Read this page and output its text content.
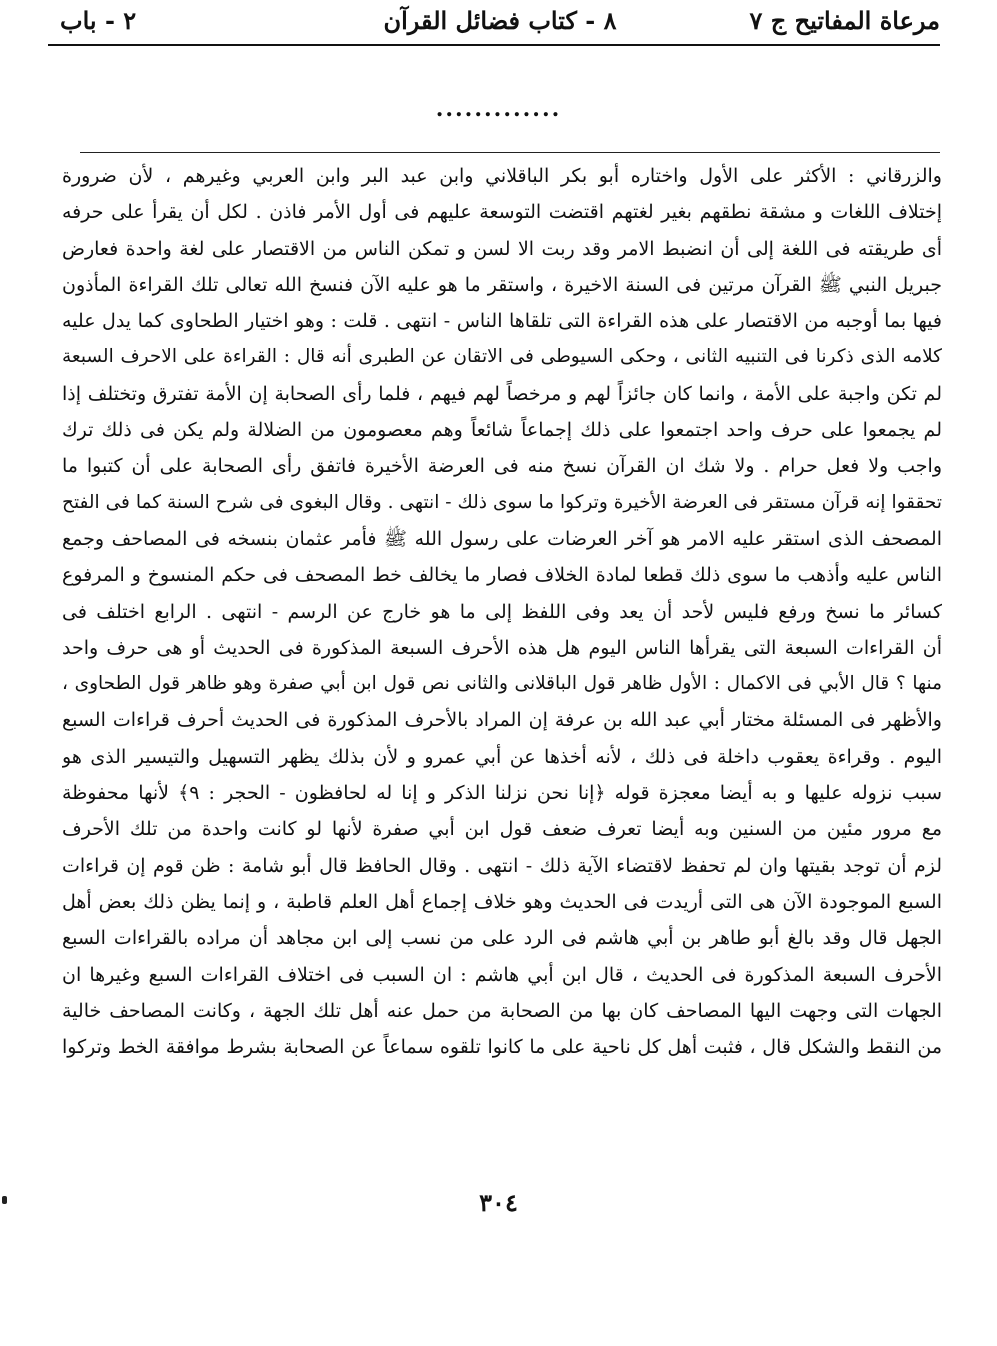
مرعاة المفاتيح ج ٧
٨ - كتاب فضائل القرآن
٢ - باب
.............
والزرقاني : الأكثر على الأول واختاره أبو بكر الباقلاني وابن عبد البر وابن العربي وغيرهم ، لأن ضرورة
إختلاف اللغات و مشقة نطقهم بغير لغتهم اقتضت التوسعة عليهم فى أول الأمر فاذن . لكل أن يقرأ على حرفه
أى طريقته فى اللغة إلى أن انضبط الامر وقد ربت الا لسن و تمكن الناس من الاقتصار على لغة واحدة فعارض
جبريل النبي ﷺ القرآن مرتين فى السنة الاخيرة ، واستقر ما هو عليه الآن فنسخ الله تعالى تلك القراءة المأذون
فيها بما أوجبه من الاقتصار على هذه القراءة التى تلقاها الناس - انتهى . قلت : وهو اختيار الطحاوى كما يدل عليه
كلامه الذى ذكرنا فى التنبيه الثانى ، وحكى السيوطى فى الاتقان عن الطبرى أنه قال : القراءة على الاحرف السبعة
لم تكن واجبة على الأمة ، وانما كان جائزاً لهم و مرخصاً لهم فيهم ، فلما رأى الصحابة إن الأمة تفترق وتختلف إذا
لم يجمعوا على حرف واحد اجتمعوا على ذلك إجماعاً شائعاً وهم معصومون من الضلالة ولم يكن فى ذلك ترك
واجب ولا فعل حرام . ولا شك ان القرآن نسخ منه فى العرضة الأخيرة فاتفق رأى الصحابة على أن كتبوا ما
تحققوا إنه قرآن مستقر فى العرضة الأخيرة وتركوا ما سوى ذلك - انتهى . وقال البغوى فى شرح السنة كما فى الفتح
المصحف الذى استقر عليه الامر هو آخر العرضات على رسول الله ﷺ فأمر عثمان بنسخه فى المصاحف وجمع
الناس عليه وأذهب ما سوى ذلك قطعا لمادة الخلاف فصار ما يخالف خط المصحف فى حكم المنسوخ و المرفوع
كسائر ما نسخ ورفع فليس لأحد أن يعد وفى اللفظ إلى ما هو خارج عن الرسم - انتهى . الرابع اختلف فى
أن القراءات السبعة التى يقرأها الناس اليوم هل هذه الأحرف السبعة المذكورة فى الحديث أو هى حرف واحد
منها ؟ قال الأبي فى الاكمال : الأول ظاهر قول الباقلانى والثانى نص قول ابن أبي صفرة وهو ظاهر قول الطحاوى ،
والأظهر فى المسئلة مختار أبي عبد الله بن عرفة إن المراد بالأحرف المذكورة فى الحديث أحرف قراءات السبع
اليوم . وقراءة يعقوب داخلة فى ذلك ، لأنه أخذها عن أبي عمرو و لأن بذلك يظهر التسهيل والتيسير الذى هو
سبب نزوله عليها و به أيضا معجزة قوله ﴿إنا نحن نزلنا الذكر و إنا له لحافظون - الحجر : ٩﴾ لأنها محفوظة
مع مرور مئين من السنين وبه أيضا تعرف ضعف قول ابن أبي صفرة لأنها لو كانت واحدة من تلك الأحرف
لزم أن توجد بقيتها وان لم تحفظ لاقتضاء الآية ذلك - انتهى . وقال الحافظ قال أبو شامة : ظن قوم إن قراءات
السبع الموجودة الآن هى التى أريدت فى الحديث وهو خلاف إجماع أهل العلم قاطبة ، و إنما يظن ذلك بعض أهل
الجهل قال وقد بالغ أبو طاهر بن أبي هاشم فى الرد على من نسب إلى ابن مجاهد أن مراده بالقراءات السبع
الأحرف السبعة المذكورة فى الحديث ، قال ابن أبي هاشم : ان السبب فى اختلاف القراءات السبع وغيرها ان
الجهات التى وجهت اليها المصاحف كان بها من الصحابة من حمل عنه أهل تلك الجهة ، وكانت المصاحف خالية
من النقط والشكل قال ، فثبت أهل كل ناحية على ما كانوا تلقوه سماعاً عن الصحابة بشرط موافقة الخط وتركوا
٣٠٤
